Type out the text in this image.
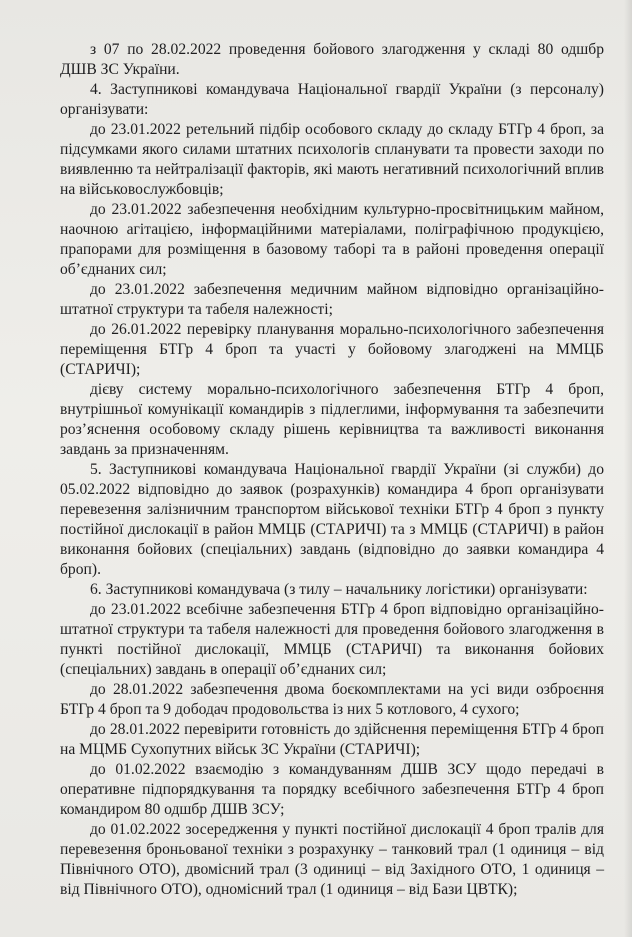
з 07 по 28.02.2022 проведення бойового злагодження у складі 80 одшбр ДШВ ЗС України.

4. Заступникові командувача Національної гвардії України (з персоналу) організувати:

до 23.01.2022 ретельний підбір особового складу до складу БТГр 4 броп, за підсумками якого силами штатних психологів спланувати та провести заходи по виявленню та нейтралізації факторів, які мають негативний психологічний вплив на військовослужбовців;

до 23.01.2022 забезпечення необхідним культурно-просвітницьким майном, наочною агітацією, інформаційними матеріалами, поліграфічною продукцією, прапорами для розміщення в базовому таборі та в районі проведення операції об’єднаних сил;

до 23.01.2022 забезпечення медичним майном відповідно організаційно-штатної структури та табеля належності;

до 26.01.2022 перевірку планування морально-психологічного забезпечення переміщення БТГр 4 броп та участі у бойовому злагоджені на ММЦБ (СТАРИЧІ);

дієву систему морально-психологічного забезпечення БТГр 4 броп, внутрішньої комунікації командирів з підлеглими, інформування та забезпечити роз’яснення особовому складу рішень керівництва та важливості виконання завдань за призначенням.

5. Заступникові командувача Національної гвардії України (зі служби) до 05.02.2022 відповідно до заявок (розрахунків) командира 4 броп організувати перевезення залізничним транспортом військової техніки БТГр 4 броп з пункту постійної дислокації в район ММЦБ (СТАРИЧІ) та з ММЦБ (СТАРИЧІ) в район виконання бойових (спеціальних) завдань (відповідно до заявки командира 4 броп).

6. Заступникові командувача (з тилу – начальнику логістики) організувати:

до 23.01.2022 всебічне забезпечення БТГр 4 броп відповідно організаційно-штатної структури та табеля належності для проведення бойового злагодження в пункті постійної дислокації, ММЦБ (СТАРИЧІ) та виконання бойових (спеціальних) завдань в операції об’єднаних сил;

до 28.01.2022 забезпечення двома боєкомплектами на усі види озброєння БТГр 4 броп та 9 дободач продовольства із них 5 котлового, 4 сухого;

до 28.01.2022 перевірити готовність до здійснення переміщення БТГр 4 броп на МЦМБ Сухопутних військ ЗС України (СТАРИЧІ);

до 01.02.2022 взаємодію з командуванням ДШВ ЗСУ щодо передачі в оперативне підпорядкування та порядку всебічного забезпечення БТГр 4 броп командиром 80 одшбр ДШВ ЗСУ;

до 01.02.2022 зосередження у пункті постійної дислокації 4 броп тралів для перевезення броньованої техніки з розрахунку – танковий трал (1 одиниця – від Північного ОТО), двомісний трал (3 одиниці – від Західного ОТО, 1 одиниця – від Північного ОТО), одномісний трал (1 одиниця – від Бази ЦВТК);
